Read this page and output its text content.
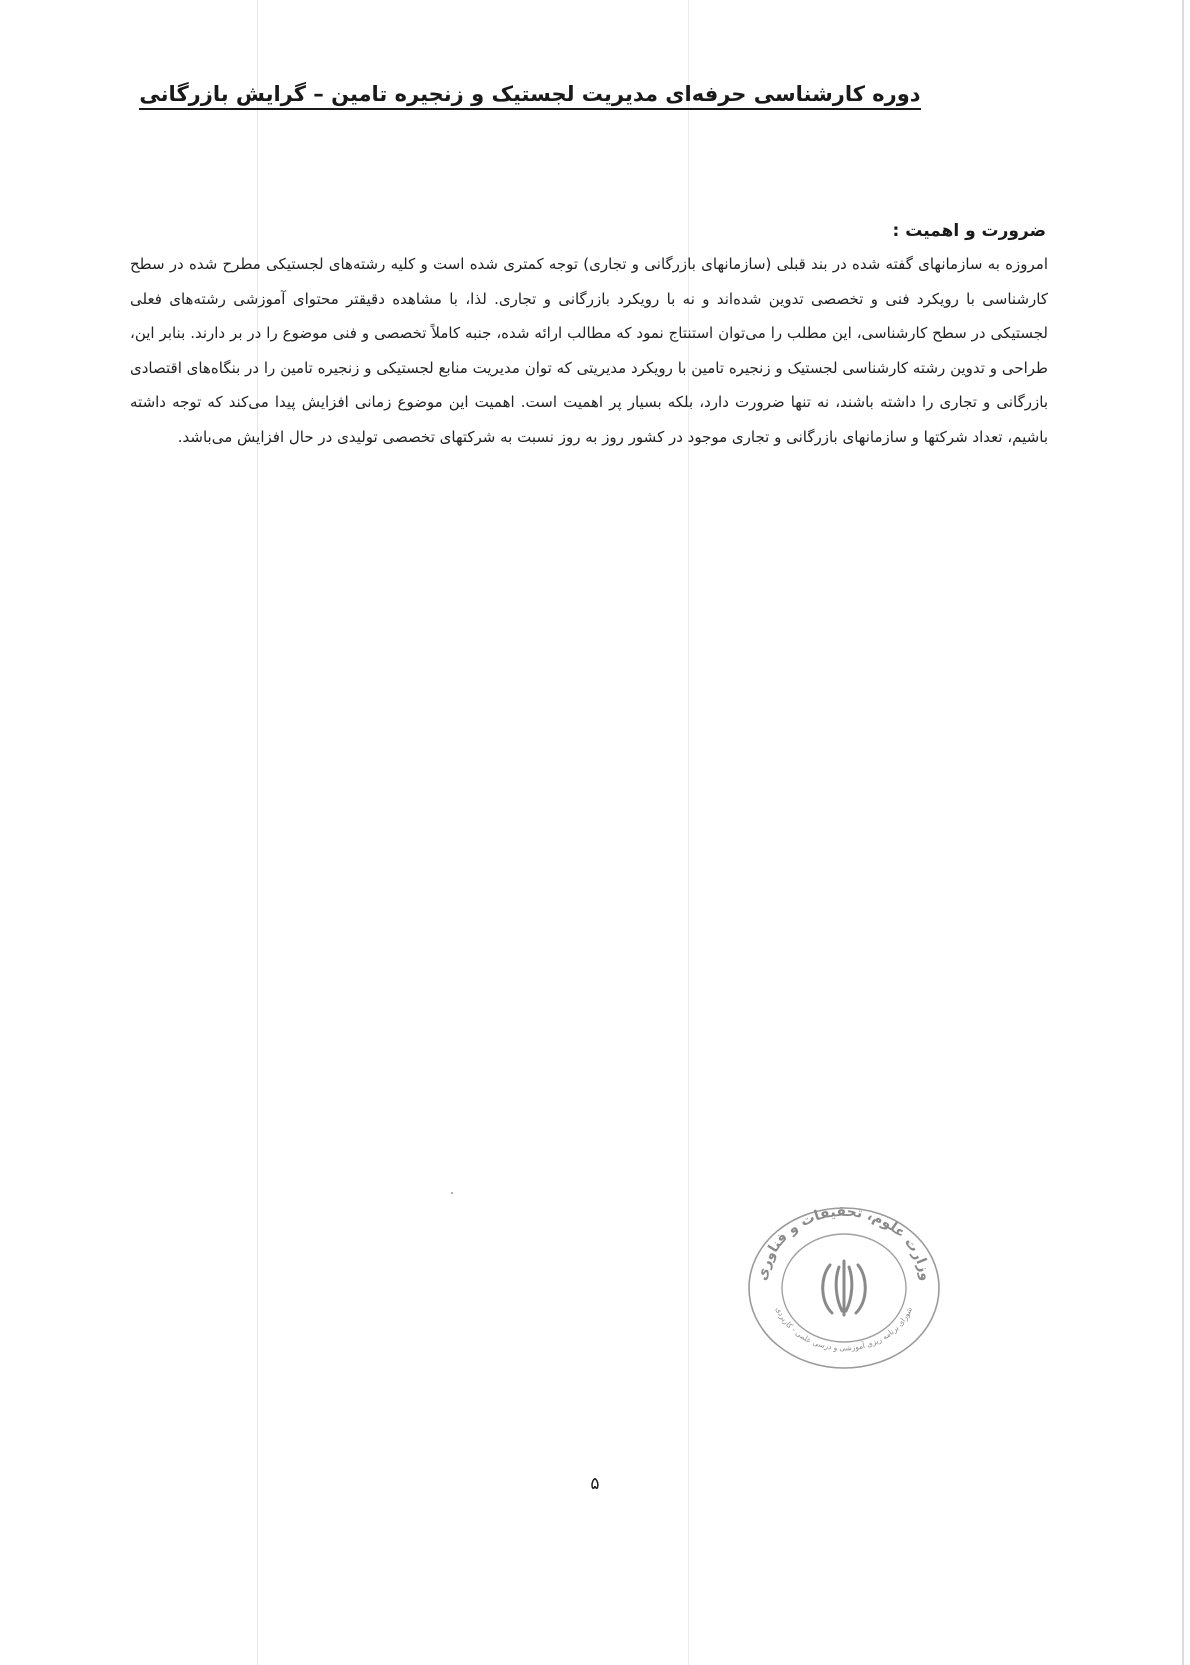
دوره کارشناسی حرفه‌ای مدیریت لجستیک و زنجیره تامین – گرایش بازرگانی
ضرورت و اهمیت :

امروزه به سازمانهای گفته شده در بند قبلی (سازمانهای بازرگانی و تجاری) توجه کمتری شده است و کلیه رشته‌های لجستیکی مطرح شده در سطح کارشناسی با رویکرد فنی و تخصصی تدوین شده‌اند و نه با رویکرد بازرگانی و تجاری. لذا، با مشاهده دقیقتر محتوای آموزشی رشته‌های فعلی لجستیکی در سطح کارشناسی، این مطلب را می‌توان استنتاج نمود که مطالب ارائه شده، جنبه کاملاً تخصصی و فنی موضوع را در بر دارند. بنابر این، طراحی و تدوین رشته کارشناسی لجستیک و زنجیره تامین با رویکرد مدیریتی که توان مدیریت منابع لجستیکی و زنجیره تامین را در بنگاه‌های اقتصادی بازرگانی و تجاری را داشته باشند، نه تنها ضرورت دارد، بلکه بسیار پر اهمیت است. اهمیت این موضوع زمانی افزایش پیدا می‌کند که توجه داشته باشیم، تعداد شرکتها و سازمانهای بازرگانی و تجاری موجود در کشور روز به روز نسبت به شرکتهای تخصصی تولیدی در حال افزایش می‌باشد.

وزارت علوم، تحقیقات و فناوری
شورای برنامه ریزی آموزشی و درسی علمی - کاربردی
۵
